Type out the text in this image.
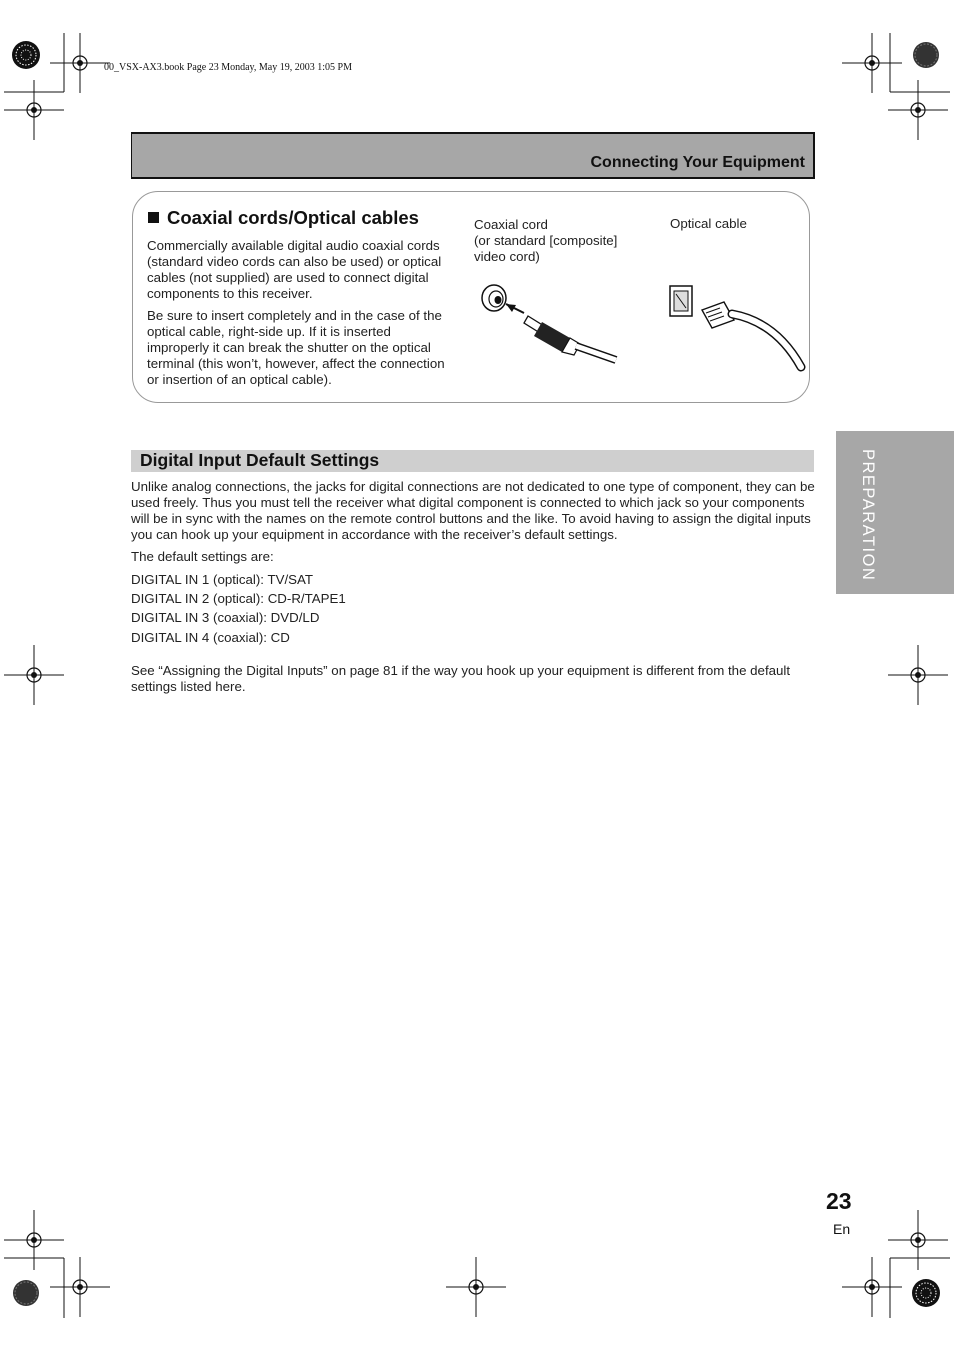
00_VSX-AX3.book Page 23 Monday, May 19, 2003 1:05 PM
Connecting Your Equipment
Coaxial cords/Optical cables
Commercially available digital audio coaxial cords (standard video cords can also be used) or optical cables (not supplied) are used to connect digital components to this receiver.
Be sure to insert completely and in the case of the optical cable, right-side up. If it is inserted improperly it can break the shutter on the optical terminal (this won’t, however, affect the connection or insertion of an optical cable).
Coaxial cord
(or standard [composite]
video cord)
Optical cable
Digital Input Default Settings
Unlike analog connections, the jacks for digital connections are not dedicated to one type of component, they can be used freely. Thus you must tell the receiver what digital component is connected to which jack so your components will be in sync with the names on the remote control buttons and the like. To avoid having to assign the digital inputs you can hook up your equipment in accordance with the receiver’s default settings.
The default settings are:
DIGITAL IN 1 (optical): TV/SAT
DIGITAL IN 2 (optical): CD-R/TAPE1
DIGITAL IN 3 (coaxial): DVD/LD
DIGITAL IN 4 (coaxial): CD
See “Assigning the Digital Inputs” on page 81 if the way you hook up your equipment is different from the default settings listed here.
PREPARATION
23
En
